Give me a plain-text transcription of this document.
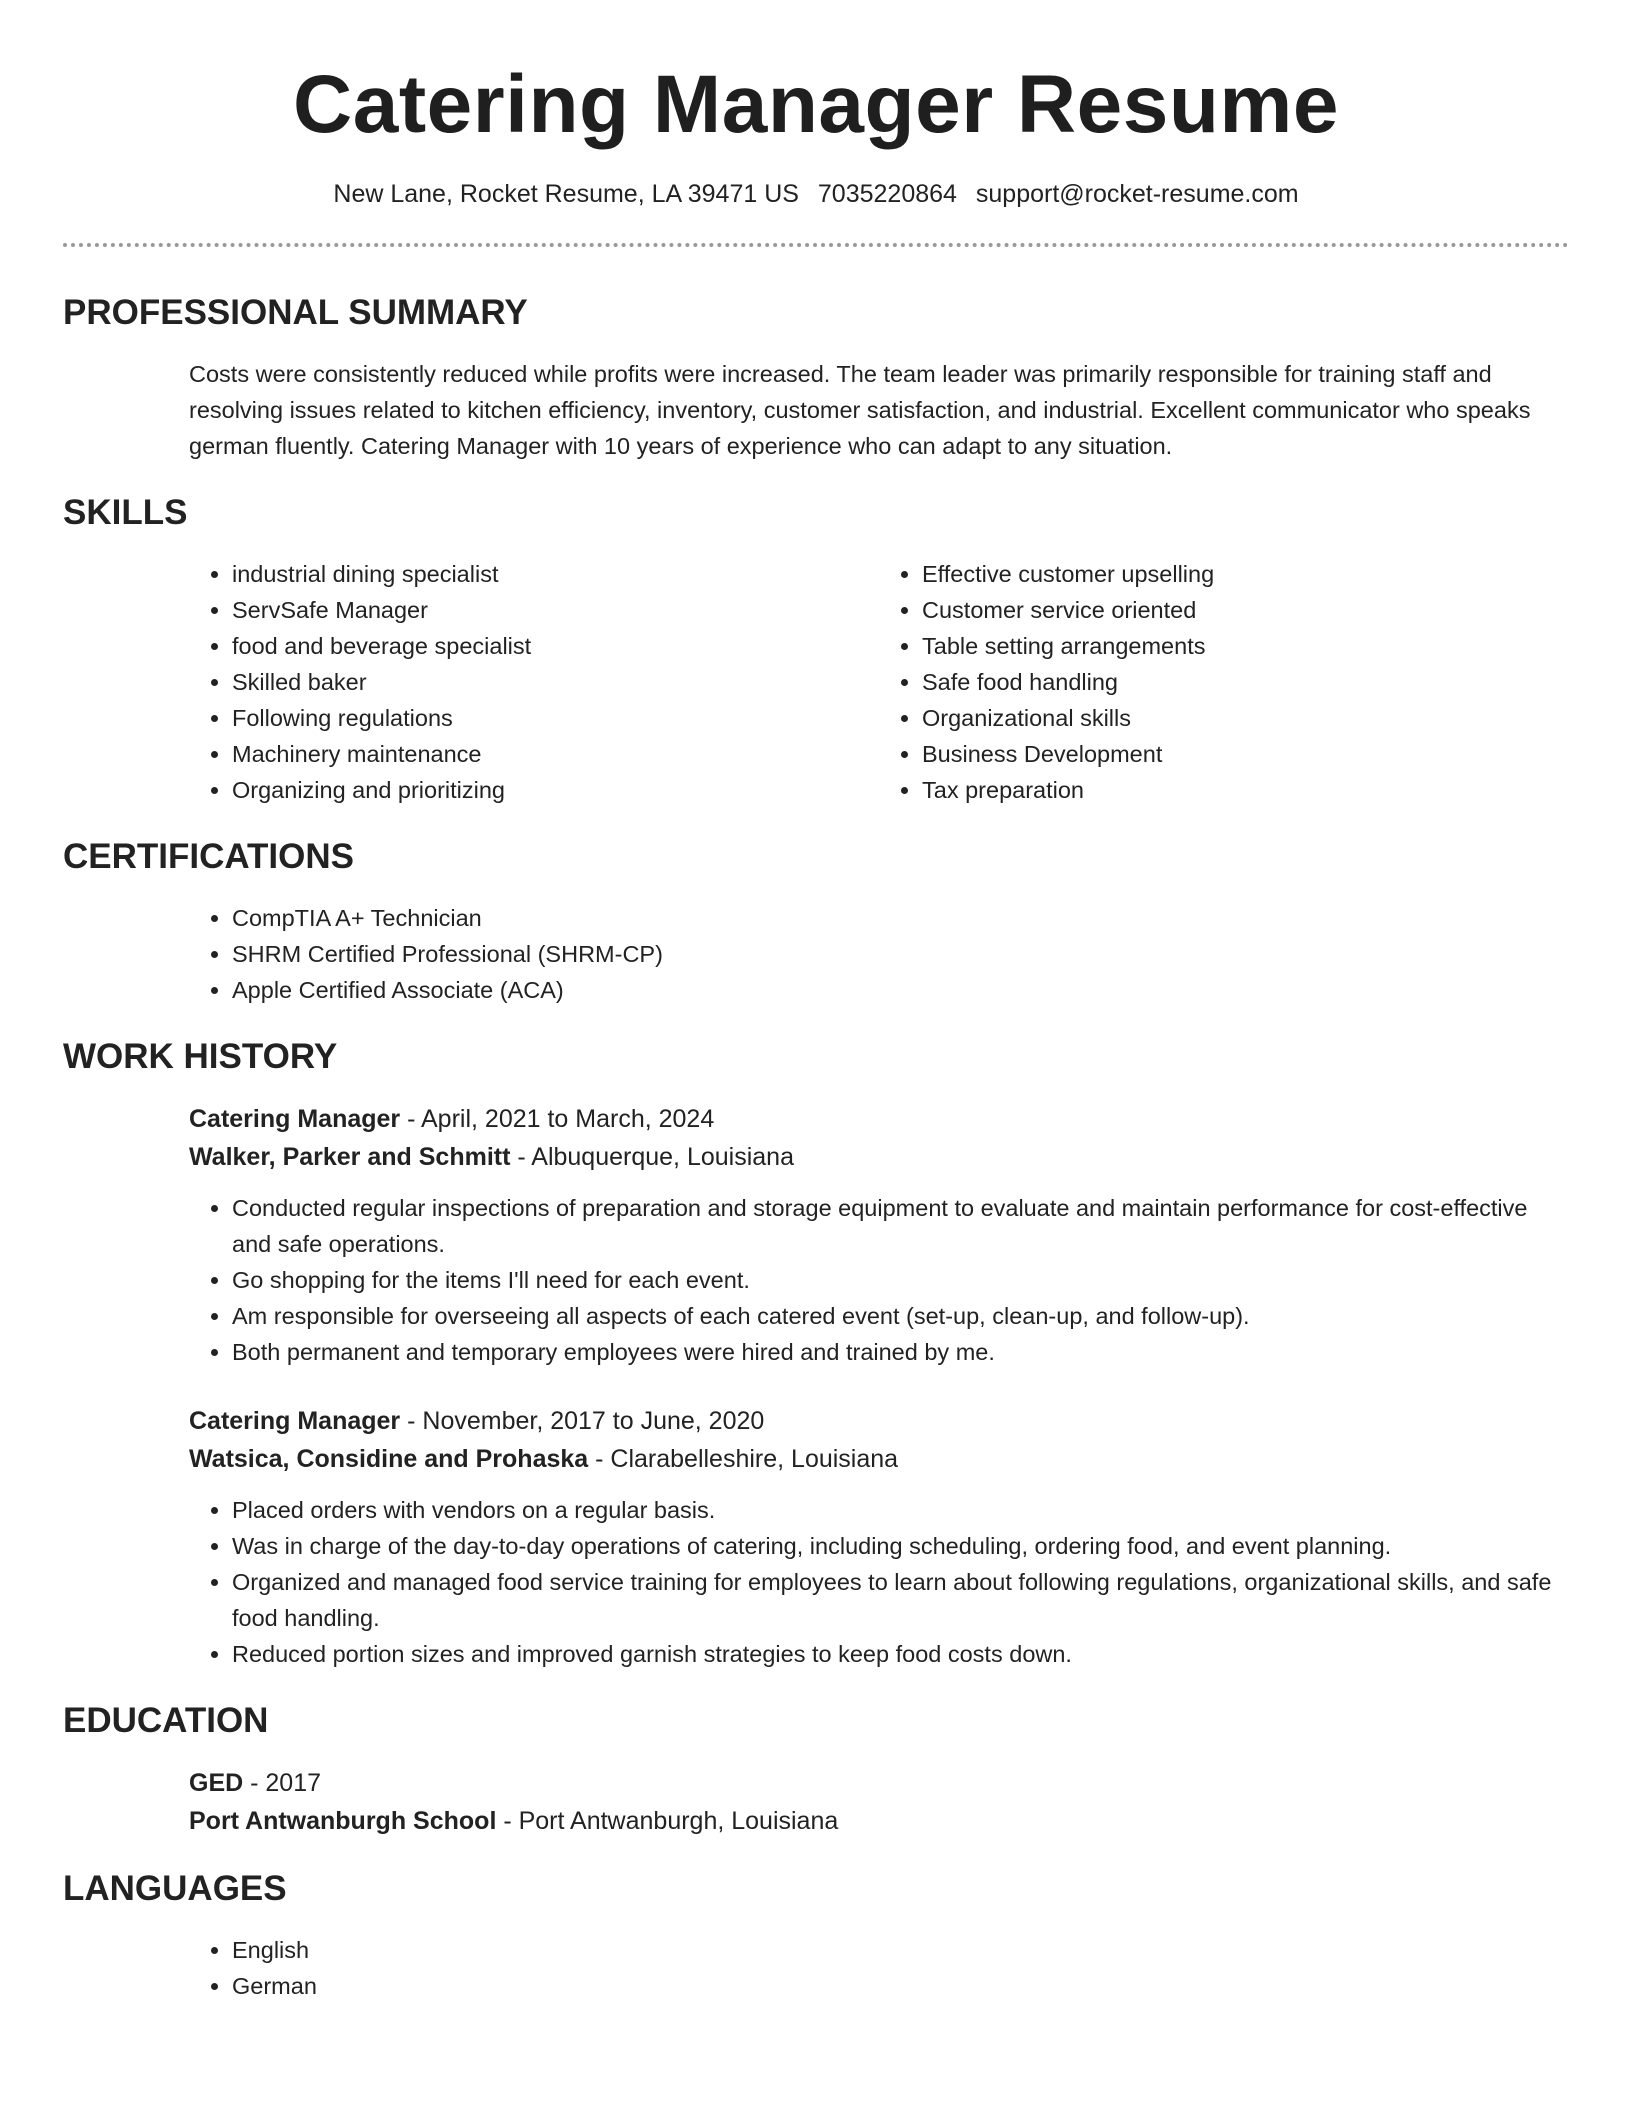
Catering Manager Resume
New Lane, Rocket Resume, LA 39471 US 7035220864 support@rocket-resume.com
PROFESSIONAL SUMMARY

Costs were consistently reduced while profits were increased. The team leader was primarily responsible for training staff and resolving issues related to kitchen efficiency, inventory, customer satisfaction, and industrial. Excellent communicator who speaks german fluently. Catering Manager with 10 years of experience who can adapt to any situation.

SKILLS
• industrial dining specialist
• ServSafe Manager
• food and beverage specialist
• Skilled baker
• Following regulations
• Machinery maintenance
• Organizing and prioritizing
• Effective customer upselling
• Customer service oriented
• Table setting arrangements
• Safe food handling
• Organizational skills
• Business Development
• Tax preparation
CERTIFICATIONS
• CompTIA A+ Technician
• SHRM Certified Professional (SHRM-CP)
• Apple Certified Associate (ACA)
WORK HISTORY
Catering Manager - April, 2021 to March, 2024
Walker, Parker and Schmitt - Albuquerque, Louisiana
• Conducted regular inspections of preparation and storage equipment to evaluate and maintain performance for cost-effective and safe operations.
• Go shopping for the items I'll need for each event.
• Am responsible for overseeing all aspects of each catered event (set-up, clean-up, and follow-up).
• Both permanent and temporary employees were hired and trained by me.
Catering Manager - November, 2017 to June, 2020
Watsica, Considine and Prohaska - Clarabelleshire, Louisiana
• Placed orders with vendors on a regular basis.
• Was in charge of the day-to-day operations of catering, including scheduling, ordering food, and event planning.
• Organized and managed food service training for employees to learn about following regulations, organizational skills, and safe food handling.
• Reduced portion sizes and improved garnish strategies to keep food costs down.
EDUCATION
GED - 2017
Port Antwanburgh School - Port Antwanburgh, Louisiana
LANGUAGES
• English
• German
